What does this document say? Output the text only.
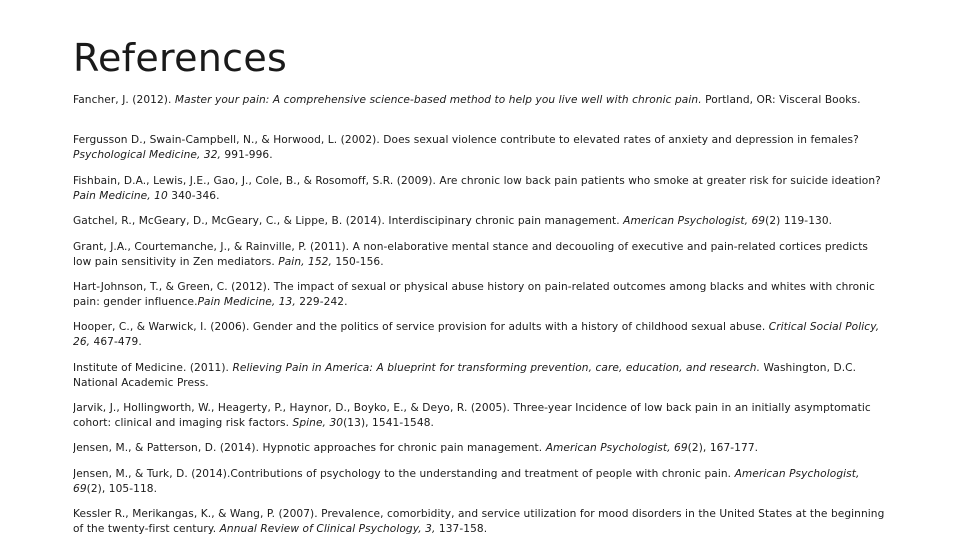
References
Fancher, J. (2012). Master your pain: A comprehensive science-based method to help you live well with chronic pain. Portland, OR: Visceral Books.
Fergusson D., Swain-Campbell, N., & Horwood, L. (2002). Does sexual violence contribute to elevated rates of anxiety and depression in females? Psychological Medicine, 32, 991-996.
Fishbain, D.A., Lewis, J.E., Gao, J., Cole, B., & Rosomoff, S.R. (2009). Are chronic low back pain patients who smoke at greater risk for suicide ideation? Pain Medicine, 10 340-346.
Gatchel, R., McGeary, D., McGeary, C., & Lippe, B. (2014). Interdiscipinary chronic pain management. American Psychologist, 69(2) 119-130.
Grant, J.A., Courtemanche, J., & Rainville, P. (2011). A non-elaborative mental stance and decouoling of executive and pain-related cortices predicts low pain sensitivity in Zen mediators. Pain, 152, 150-156.
Hart-Johnson, T., & Green, C. (2012). The impact of sexual or physical abuse history on pain-related outcomes among blacks and whites with chronic pain: gender influence.Pain Medicine, 13, 229-242.
Hooper, C., & Warwick, I. (2006). Gender and the politics of service provision for adults with a history of childhood sexual abuse. Critical Social Policy, 26, 467-479.
Institute of Medicine. (2011). Relieving Pain in America: A blueprint for transforming prevention, care, education, and research. Washington, D.C. National Academic Press.
Jarvik, J., Hollingworth, W., Heagerty, P., Haynor, D., Boyko, E., & Deyo, R. (2005). Three-year Incidence of low back pain in an initially asymptomatic cohort: clinical and imaging risk factors. Spine, 30(13), 1541-1548.
Jensen, M., & Patterson, D. (2014). Hypnotic approaches for chronic pain management. American Psychologist, 69(2), 167-177.
Jensen, M., & Turk, D. (2014).Contributions of psychology to the understanding and treatment of people with chronic pain. American Psychologist, 69(2), 105-118.
Kessler R., Merikangas, K., & Wang, P. (2007). Prevalence, comorbidity, and service utilization for mood disorders in the United States at the beginning of the twenty-first century. Annual Review of Clinical Psychology, 3, 137-158.
